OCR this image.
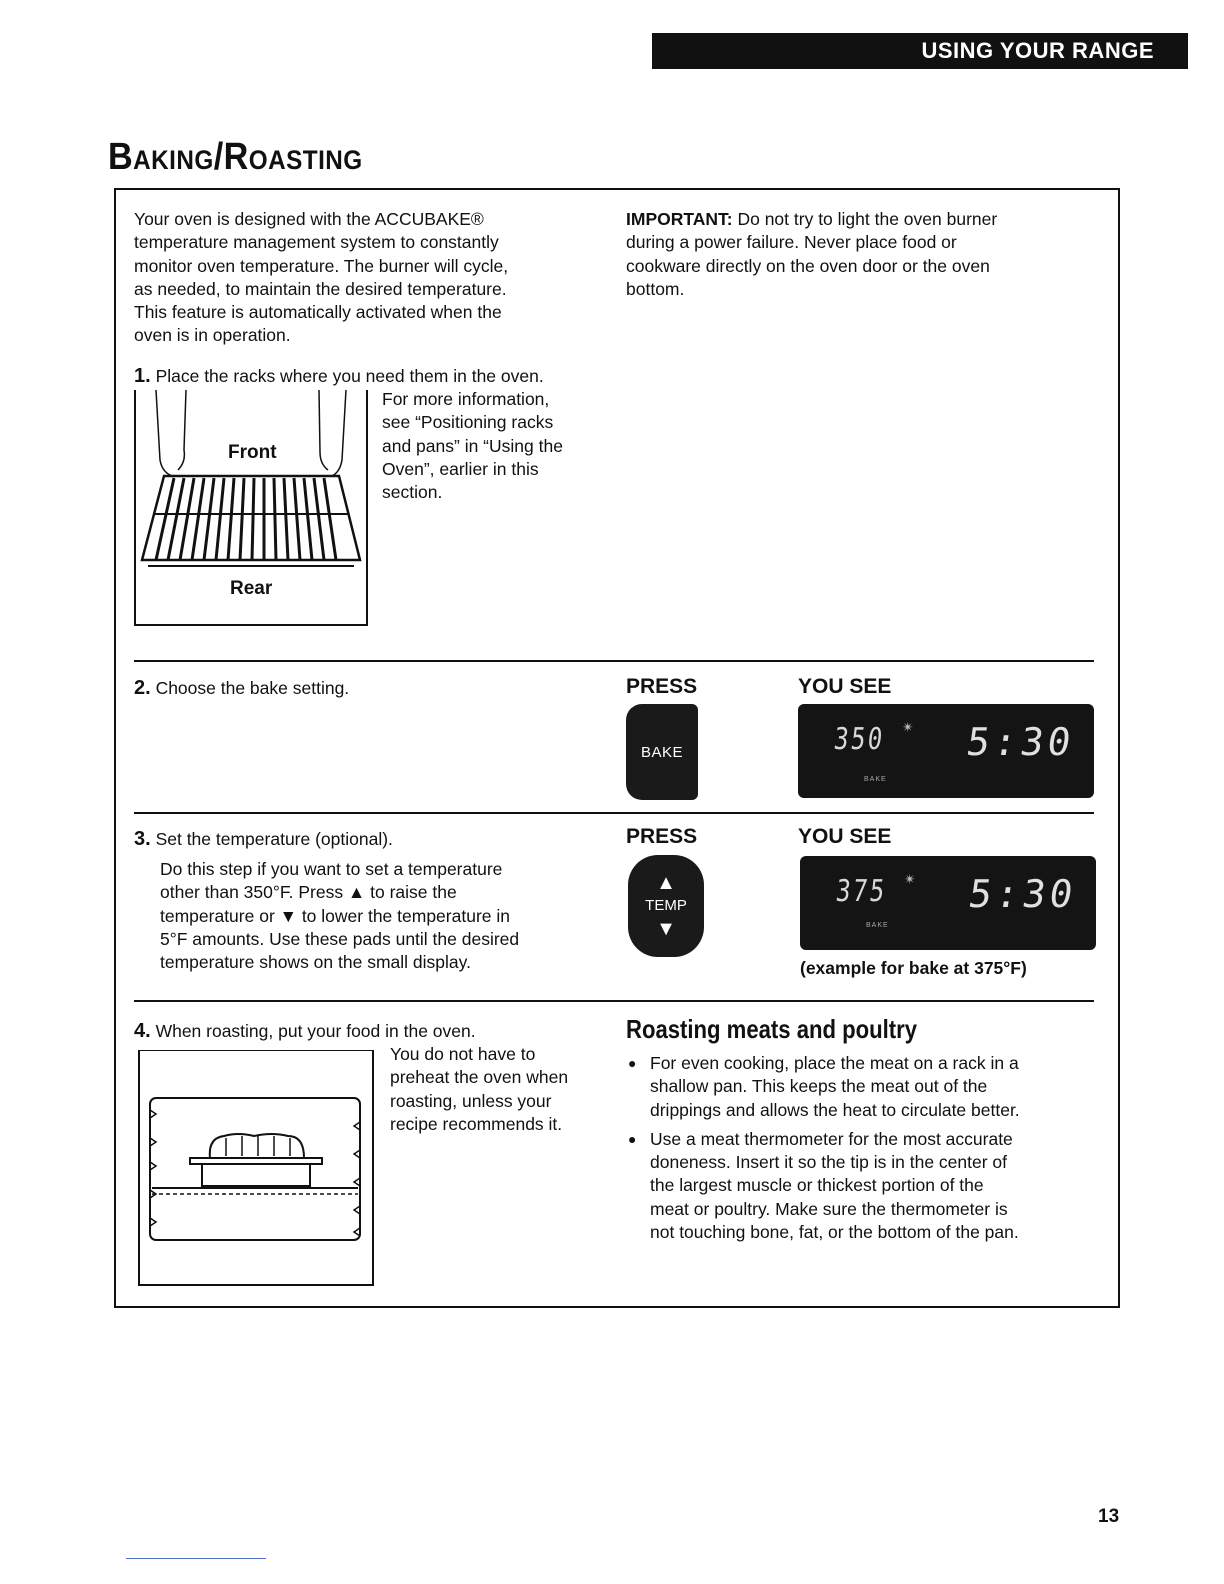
USING YOUR RANGE
Baking/Roasting
Your oven is designed with the ACCUBAKE®
temperature management system to constantly
monitor oven temperature. The burner will cycle,
as needed, to maintain the desired temperature.
This feature is automatically activated when the
oven is in operation.
IMPORTANT: Do not try to light the oven burner
during a power failure. Never place food or
cookware directly on the oven door or the oven
bottom.
1. Place the racks where you need them in the oven.
Front
Rear
For more information,
see “Positioning racks
and pans” in “Using the
Oven”, earlier in this
section.
2. Choose the bake setting.	PRESS	YOU SEE
BAKE	350 ✴
BAKE
5:30
3. Set the temperature (optional).
Do this step if you want to set a temperature
other than 350°F. Press ▲ to raise the
temperature or ▼ to lower the temperature in
5°F amounts. Use these pads until the desired
temperature shows on the small display.
PRESS	YOU SEE
▲
TEMP
▼
375 ✴
BAKE
5:30
(example for bake at 375°F)
4. When roasting, put your food in the oven.
You do not have to
preheat the oven when
roasting, unless your
recipe recommends it.
Roasting meats and poultry
● For even cooking, place the meat on a rack in a
shallow pan. This keeps the meat out of the
drippings and allows the heat to circulate better.
● Use a meat thermometer for the most accurate
doneness. Insert it so the tip is in the center of
the largest muscle or thickest portion of the
meat or poultry. Make sure the thermometer is
not touching bone, fat, or the bottom of the pan.
13
